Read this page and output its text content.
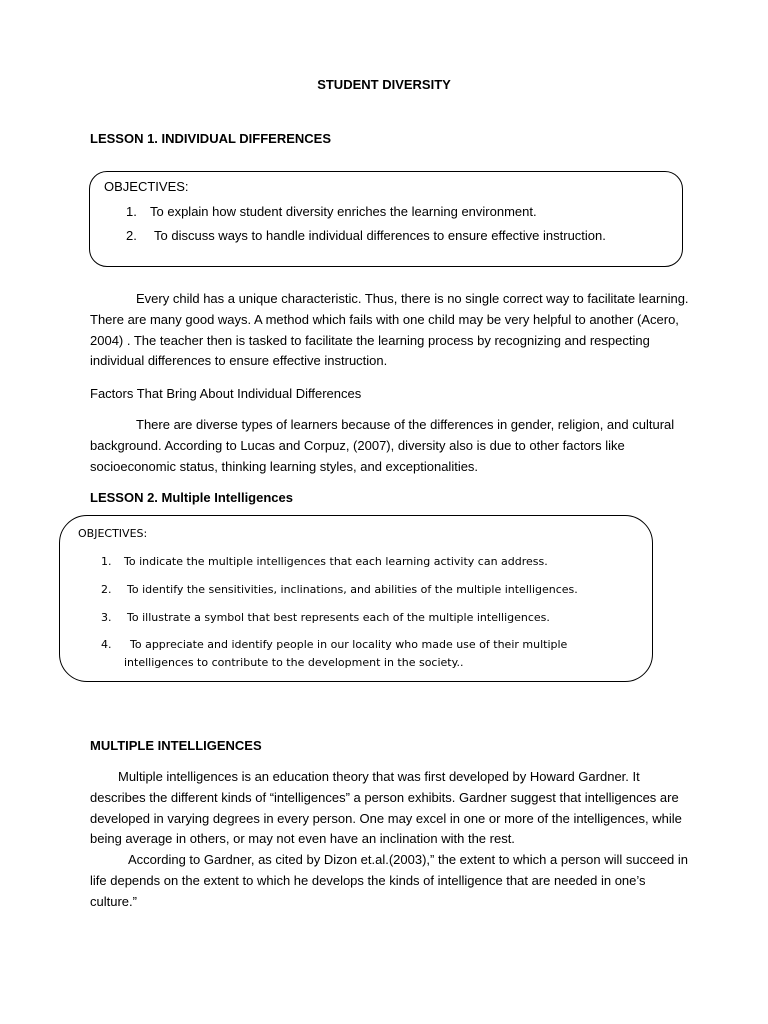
STUDENT DIVERSITY
LESSON 1. INDIVIDUAL DIFFERENCES
OBJECTIVES:
1. To explain how student diversity enriches the learning environment.
2. To discuss ways to handle individual differences to ensure effective instruction.
Every child has a unique characteristic. Thus, there is no single correct way to facilitate learning. There are many good ways. A method which fails with one child may be very helpful to another (Acero, 2004) . The teacher then is tasked to facilitate the learning process by recognizing and respecting individual differences to ensure effective instruction.
Factors That Bring About Individual Differences
There are diverse types of learners because of the differences in gender, religion, and cultural background. According to Lucas and Corpuz, (2007), diversity also is due to other factors like socioeconomic status, thinking learning styles, and exceptionalities.
LESSON 2. Multiple Intelligences
OBJECTIVES:
1. To indicate the multiple intelligences that each learning activity can address.
2. To identify the sensitivities, inclinations, and abilities of the multiple intelligences.
3. To illustrate a symbol that best represents each of the multiple intelligences.
4. To appreciate and identify people in our locality who made use of their multiple
intelligences to contribute to the development in the society..
MULTIPLE INTELLIGENCES

Multiple intelligences is an education theory that was first developed by Howard Gardner. It describes the different kinds of “intelligences” a person exhibits. Gardner suggest that intelligences are developed in varying degrees in every person. One may excel in one or more of the intelligences, while being average in others, or may not even have an inclination with the rest.

According to Gardner, as cited by Dizon et.al.(2003),” the extent to which a person will succeed in life depends on the extent to which he develops the kinds of intelligence that are needed in one’s culture.”
